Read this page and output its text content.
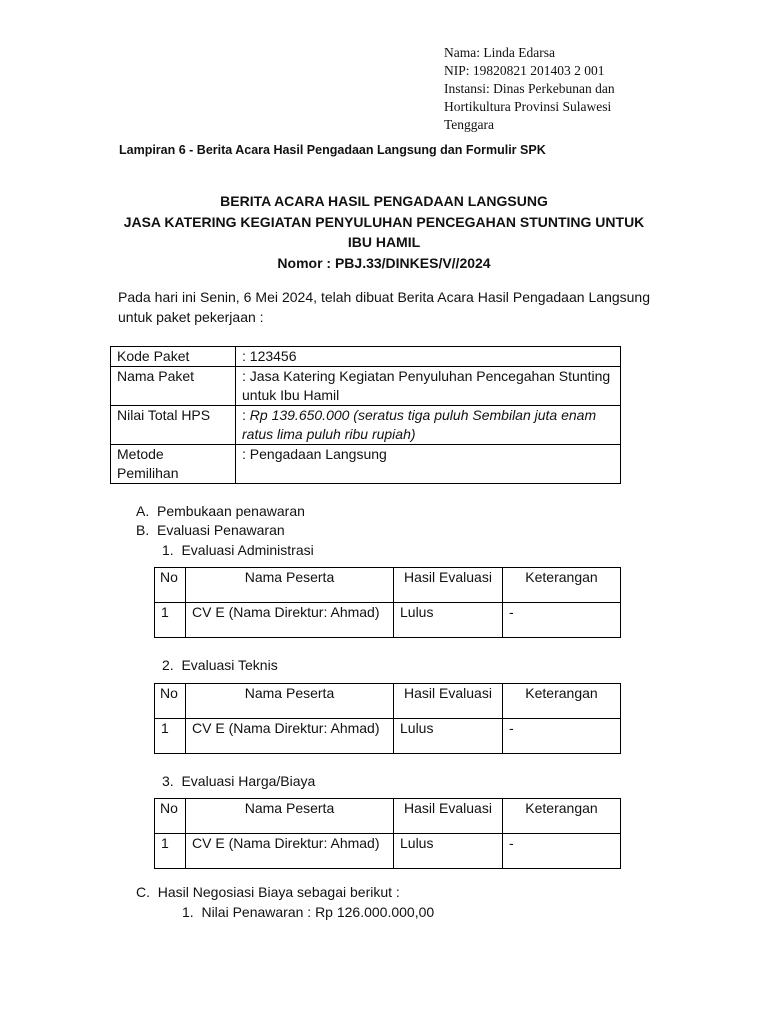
Nama: Linda Edarsa
NIP: 19820821 201403 2 001
Instansi: Dinas Perkebunan dan
Hortikultura Provinsi Sulawesi
Tenggara
Lampiran 6 - Berita Acara Hasil Pengadaan Langsung dan Formulir SPK
BERITA ACARA HASIL PENGADAAN LANGSUNG
JASA KATERING KEGIATAN PENYULUHAN PENCEGAHAN STUNTING UNTUK
IBU HAMIL
Nomor : PBJ.33/DINKES/V//2024
Pada hari ini Senin, 6 Mei 2024, telah dibuat Berita Acara Hasil Pengadaan Langsung untuk paket pekerjaan :
Kode Paket	: 123456
Nama Paket	: Jasa Katering Kegiatan Penyuluhan Pencegahan Stunting untuk Ibu Hamil
Nilai Total HPS	: Rp 139.650.000 (seratus tiga puluh Sembilan juta enam ratus lima puluh ribu rupiah)
Metode Pemilihan	: Pengadaan Langsung
A.  Pembukaan penawaran
B.  Evaluasi Penawaran
1.  Evaluasi Administrasi
No	Nama Peserta	Hasil Evaluasi	Keterangan
1	CV E (Nama Direktur: Ahmad)	Lulus	-
2.  Evaluasi Teknis
No	Nama Peserta	Hasil Evaluasi	Keterangan
1	CV E (Nama Direktur: Ahmad)	Lulus	-
3.  Evaluasi Harga/Biaya
No	Nama Peserta	Hasil Evaluasi	Keterangan
1	CV E (Nama Direktur: Ahmad)	Lulus	-
C.  Hasil Negosiasi Biaya sebagai berikut :
1.  Nilai Penawaran : Rp 126.000.000,00
